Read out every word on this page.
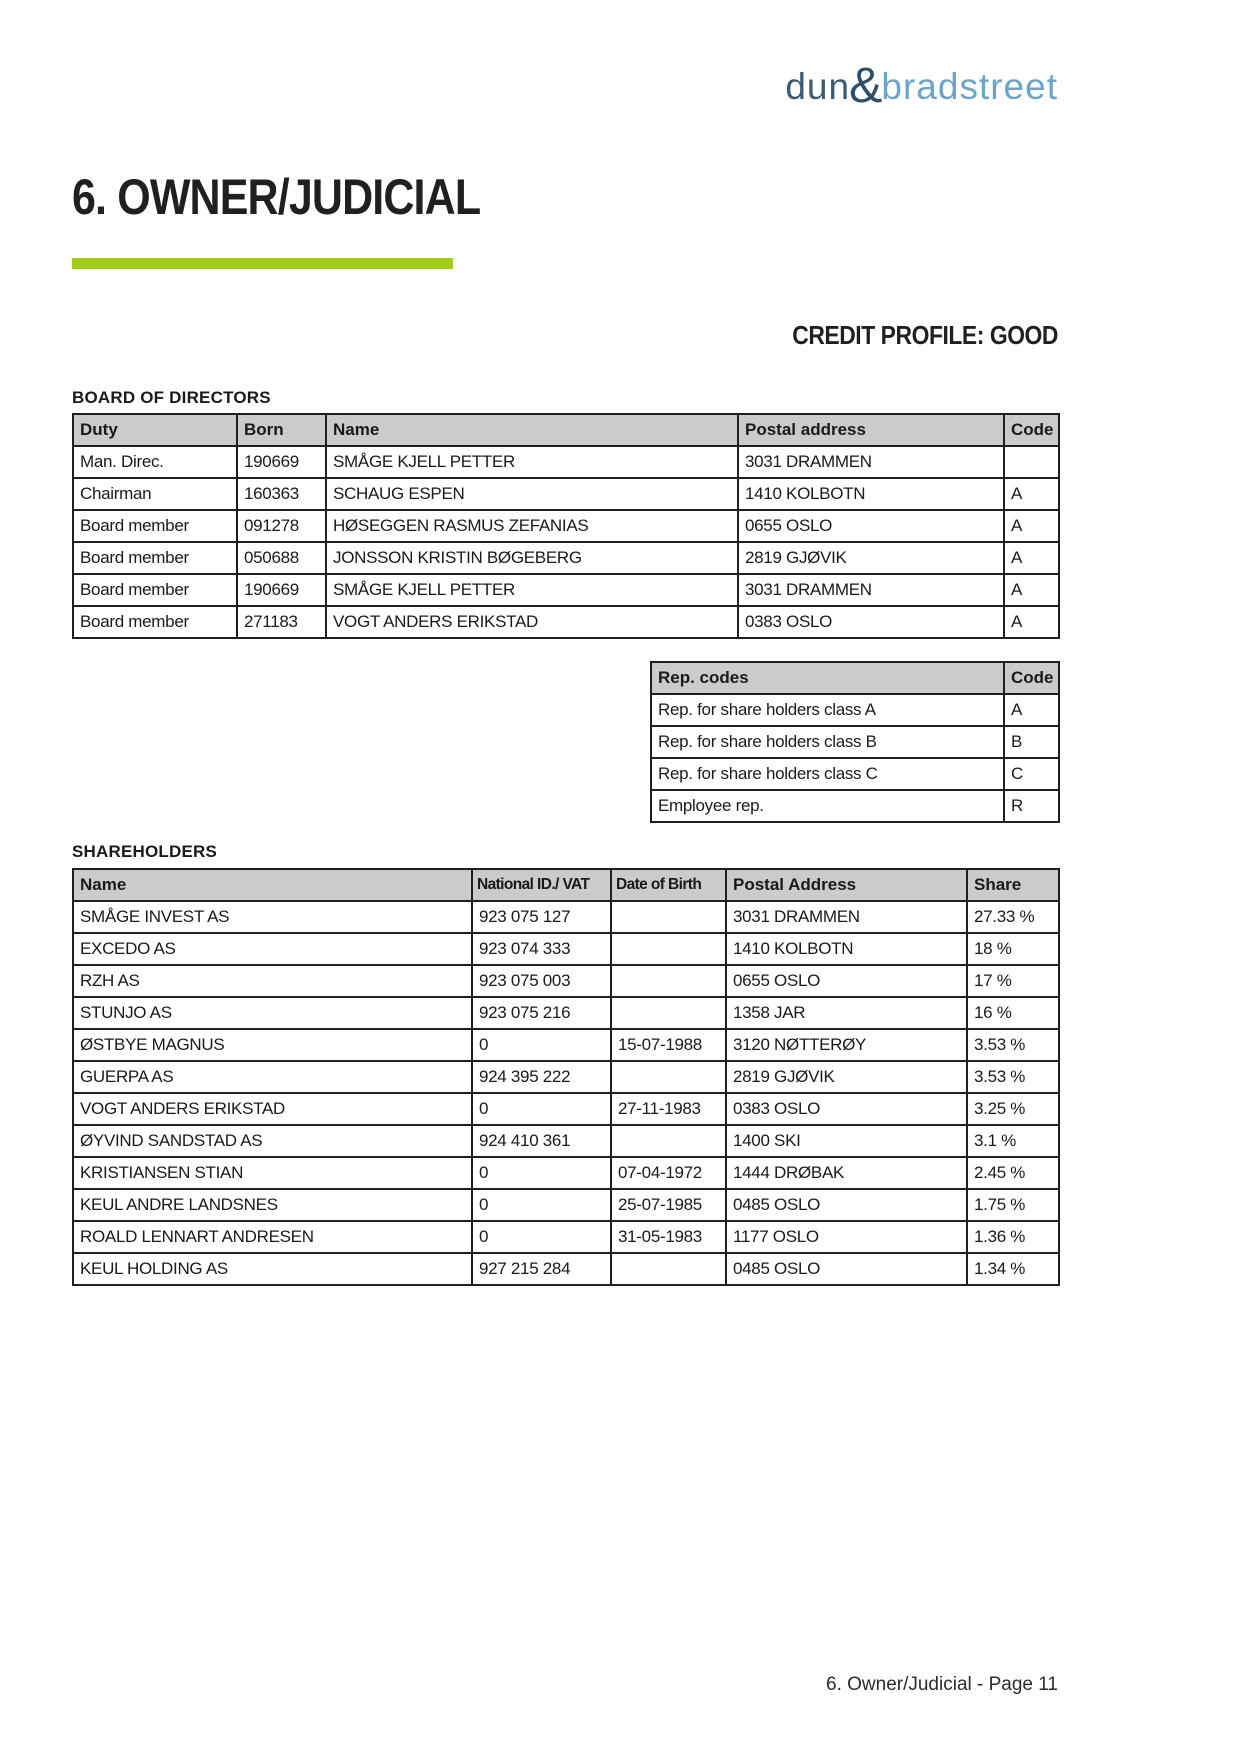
dun & bradstreet
6. OWNER/JUDICIAL
CREDIT PROFILE: GOOD
BOARD OF DIRECTORS
Duty	Born	Name	Postal address	Code
Man. Direc.	190669	SMÅGE KJELL PETTER	3031 DRAMMEN	
Chairman	160363	SCHAUG ESPEN	1410 KOLBOTN	A
Board member	091278	HØSEGGEN RASMUS ZEFANIAS	0655 OSLO	A
Board member	050688	JONSSON KRISTIN BØGEBERG	2819 GJØVIK	A
Board member	190669	SMÅGE KJELL PETTER	3031 DRAMMEN	A
Board member	271183	VOGT ANDERS ERIKSTAD	0383 OSLO	A
Rep. codes	Code
Rep. for share holders class A	A
Rep. for share holders class B	B
Rep. for share holders class C	C
Employee rep.	R
SHAREHOLDERS
Name	National ID./ VAT	Date of Birth	Postal Address	Share
SMÅGE INVEST AS	923 075 127		3031 DRAMMEN	27.33 %
EXCEDO AS	923 074 333		1410 KOLBOTN	18 %
RZH AS	923 075 003		0655 OSLO	17 %
STUNJO AS	923 075 216		1358 JAR	16 %
ØSTBYE MAGNUS	0	15-07-1988	3120 NØTTERØY	3.53 %
GUERPA AS	924 395 222		2819 GJØVIK	3.53 %
VOGT ANDERS ERIKSTAD	0	27-11-1983	0383 OSLO	3.25 %
ØYVIND SANDSTAD AS	924 410 361		1400 SKI	3.1 %
KRISTIANSEN STIAN	0	07-04-1972	1444 DRØBAK	2.45 %
KEUL ANDRE LANDSNES	0	25-07-1985	0485 OSLO	1.75 %
ROALD LENNART ANDRESEN	0	31-05-1983	1177 OSLO	1.36 %
KEUL HOLDING AS	927 215 284		0485 OSLO	1.34 %
6. Owner/Judicial - Page 11
